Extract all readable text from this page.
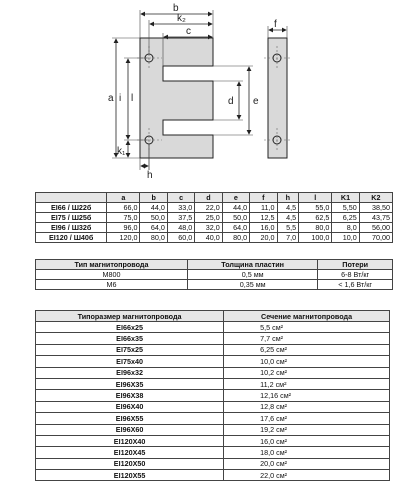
b
k₂
c
f
a i l	d e
k₁
h
	a	b	c	d	e	f	h	l	K1	K2
EI66 / Ш22б	66,0	44,0	33,0	22,0	44,0	11,0	4,5	55,0	5,50	38,50
EI75 / Ш25б	75,0	50,0	37,5	25,0	50,0	12,5	4,5	62,5	6,25	43,75
EI96 / Ш32б	96,0	64,0	48,0	32,0	64,0	16,0	5,5	80,0	8,0	56,00
EI120 / Ш40б	120,0	80,0	60,0	40,0	80,0	20,0	7,0	100,0	10,0	70,00
Тип магнитопровода	Толщина пластин	Потери
M800	0,5 мм	6-8 Вт/кг
M6	0,35 мм	< 1,6 Вт/кг
Типоразмер магнитопровода	Сечение магнитопровода
EI66x25	5,5 см²
EI66x35	7,7 см²
EI75x25	6,25 см²
EI75x40	10,0 см²
EI96x32	10,2 см²
EI96X35	11,2 см²
EI96X38	12,16 см²
EI96X40	12,8 см²
EI96X55	17,6 см²
EI96X60	19,2 см²
EI120X40	16,0 см²
EI120X45	18,0 см²
EI120X50	20,0 см²
EI120X55	22,0 см²
